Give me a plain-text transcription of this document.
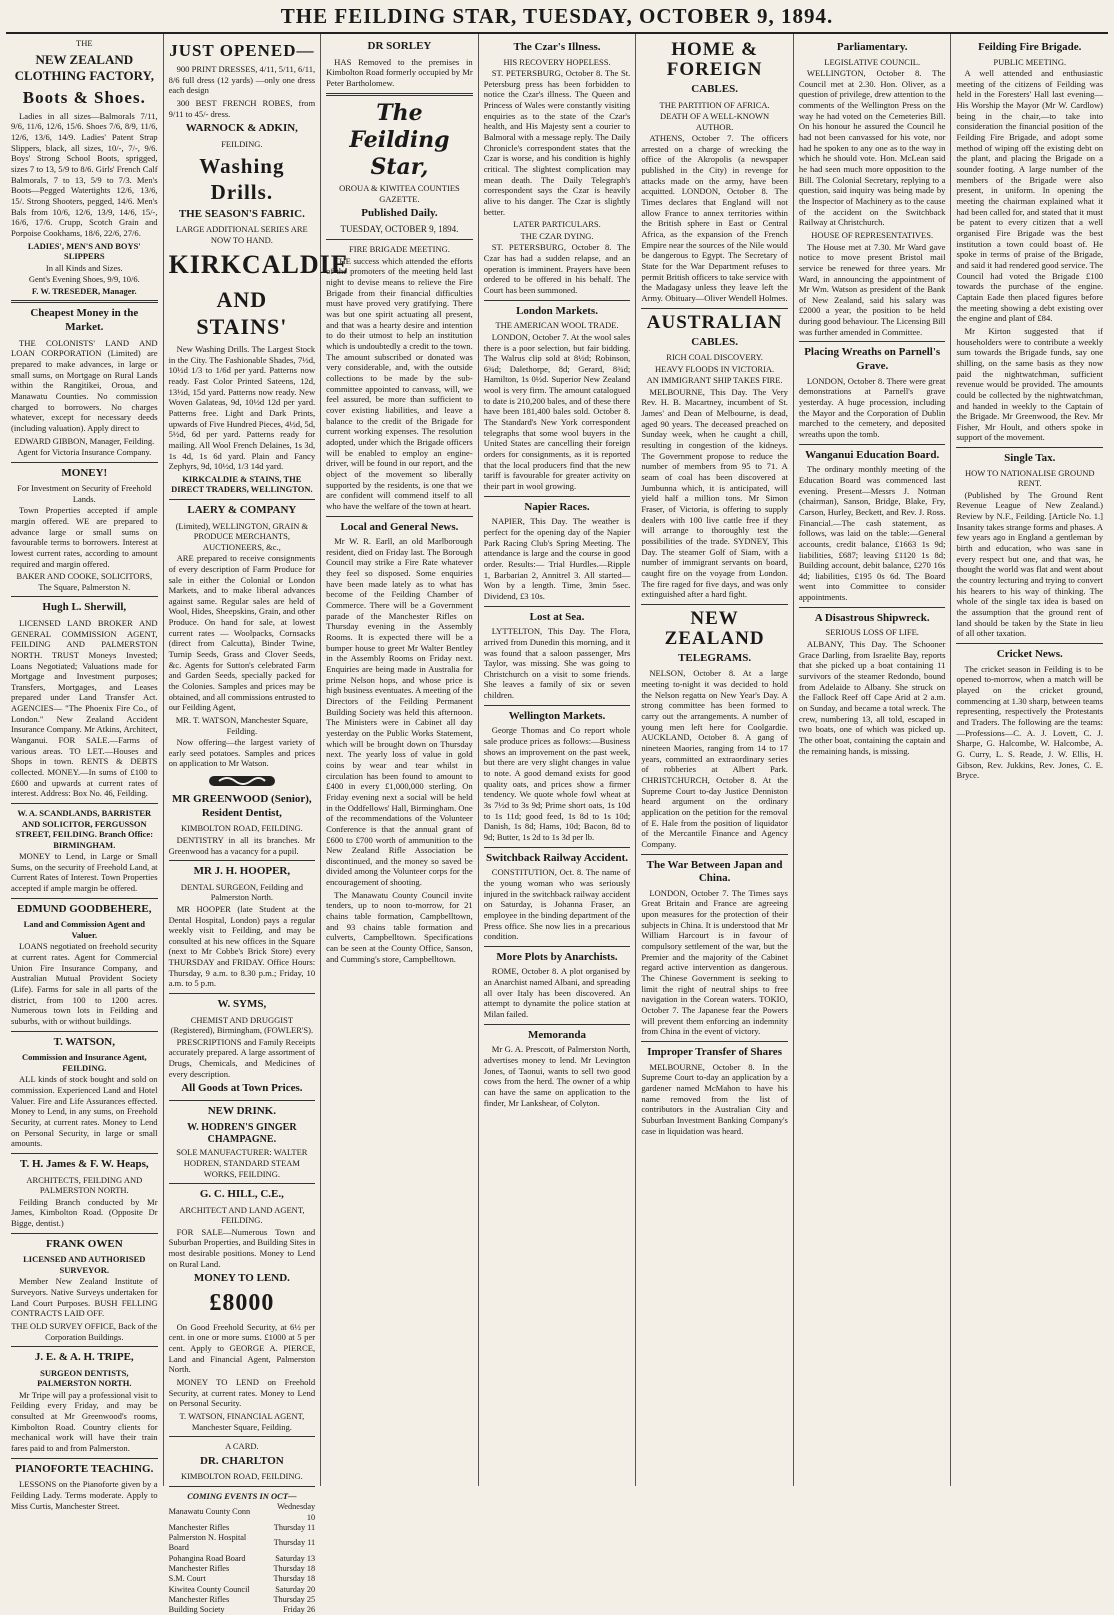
THE FEILDING STAR, TUESDAY, OCTOBER 9, 1894.
THE
NEW ZEALAND CLOTHING FACTORY,
Boots & Shoes.

Ladies in all sizes—Balmorals 7/11, 9/6, 11/6, 12/6, 15/6. Shoes 7/6, 8/9, 11/6, 12/6, 13/6, 14/9. Ladies' Patent Strap Slippers, black, all sizes, 10/-, 7/-, 9/6. Boys' Strong School Boots, sprigged, sizes 7 to 13, 5/9 to 8/6. Girls' French Calf Balmorals, 7 to 13, 5/9 to 7/3. Men's Boots—Pegged Watertights 12/6, 13/6, 15/. Strong Shooters, pegged, 14/6. Men's Bals from 10/6, 12/6, 13/9, 14/6, 15/-, 16/6, 17/6. Crupp, Scotch Grain and Porpoise Cookhams, 18/6, 22/6, 27/6.

LADIES', MEN'S AND BOYS' SLIPPERS
In all Kinds and Sizes.
Gent's Evening Shoes, 9/9, 10/6.
F. W. TRESEDER, Manager.
Cheapest Money in the Market.

THE COLONISTS' LAND AND LOAN CORPORATION (Limited) are prepared to make advances, in large or small sums, on Mortgage on Rural Lands within the Rangitikei, Oroua, and Manawatu Counties. No commission charged to borrowers. No charges whatever, except for necessary deeds (including valuation). Apply direct to

EDWARD GIBBON, Manager, Feilding.
Agent for Victoria Insurance Company.
MONEY!
For Investment on Security of Freehold Lands.

Town Properties accepted if ample margin offered. WE are prepared to advance large or small sums on favourable terms to borrowers. Interest at lowest current rates, according to amount required and margin offered.

BAKER AND COOKE, SOLICITORS, The Square, Palmerston N.
Hugh L. Sherwill,

LICENSED LAND BROKER AND GENERAL COMMISSION AGENT, FEILDING AND PALMERSTON NORTH. TRUST Moneys Invested; Loans Negotiated; Valuations made for Mortgage and Investment purposes; Transfers, Mortgages, and Leases prepared under Land Transfer Act. AGENCIES— "The Phoenix Fire Co., of London." New Zealand Accident Insurance Company. Mr Atkins, Architect, Wanganui. FOR SALE.—Farms of various areas. TO LET.—Houses and Shops in town. RENTS & DEBTS collected. MONEY.—In sums of £100 to £600 and upwards at current rates of interest. Address: Box No. 46, Feilding.

W. A. SCANDLANDS, BARRISTER AND SOLICITOR, FERGUSSON STREET, FEILDING. Branch Office: BIRMINGHAM.

MONEY to Lend, in Large or Small Sums, on the security of Freehold Land, at Current Rates of Interest. Town Properties accepted if ample margin be offered.

EDMUND GOODBEHERE,
Land and Commission Agent and Valuer.

LOANS negotiated on freehold security at current rates. Agent for Commercial Union Fire Insurance Company, and Australian Mutual Provident Society (Life). Farms for sale in all parts of the district, from 100 to 1200 acres. Numerous town lots in Feilding and suburbs, with or without buildings.

T. WATSON,
Commission and Insurance Agent, FEILDING.

ALL kinds of stock bought and sold on commission. Experienced Land and Hotel Valuer. Fire and Life Assurances effected. Money to Lend, in any sums, on Freehold Security, at current rates. Money to Lend on Personal Security, in large or small amounts.

T. H. James & F. W. Heaps,
ARCHITECTS, FEILDING AND PALMERSTON NORTH.

Feilding Branch conducted by Mr James, Kimbolton Road. (Opposite Dr Bigge, dentist.)

FRANK OWEN
LICENSED AND AUTHORISED SURVEYOR.

Member New Zealand Institute of Surveyors. Native Surveys undertaken for Land Court Purposes. BUSH FELLING CONTRACTS LAID OFF.

THE OLD SURVEY OFFICE, Back of the Corporation Buildings.
J. E. & A. H. TRIPE,
SURGEON DENTISTS, PALMERSTON NORTH.

Mr Tripe will pay a professional visit to Feilding every Friday, and may be consulted at Mr Greenwood's rooms, Kimbolton Road. Country clients for mechanical work will have their train fares paid to and from Palmerston.

PIANOFORTE TEACHING.

LESSONS on the Pianoforte given by a Feilding Lady. Terms moderate. Apply to Miss Curtis, Manchester Street.

JUST OPENED—

900 PRINT DRESSES, 4/11, 5/11, 6/11, 8/6 full dress (12 yards) —only one dress each design

300 BEST FRENCH ROBES, from 9/11 to 45/- dress.

WARNOCK & ADKIN,
FEILDING.
Washing Drills.
THE SEASON'S FABRIC.
LARGE ADDITIONAL SERIES ARE NOW TO HAND.
KIRKCALDIE
AND STAINS'

New Washing Drills. The Largest Stock in the City. The Fashionable Shades, 7½d, 10½d 1/3 to 1/6d per yard. Patterns now ready. Fast Color Printed Sateens, 12d, 13½d, 15d yard. Patterns now ready. New Woven Galateas, 9d, 10½d 12d per yard. Patterns free. Light and Dark Prints, upwards of Five Hundred Pieces, 4½d, 5d, 5½d, 6d per yard. Patterns ready for mailing. All Wool French Delaines, 1s 3d, 1s 4d, 1s 6d yard. Plain and Fancy Zephyrs, 9d, 10½d, 1/3 14d yard.

KIRKCALDIE & STAINS, THE DIRECT TRADERS, WELLINGTON.
LAERY & COMPANY
(Limited), WELLINGTON, GRAIN & PRODUCE MERCHANTS, AUCTIONEERS, &c.,

ARE prepared to receive consignments of every description of Farm Produce for sale in either the Colonial or London Markets, and to make liberal advances against same. Regular sales are held of Wool, Hides, Sheepskins, Grain, and other Produce. On hand for sale, at lowest current rates — Woolpacks, Cornsacks (direct from Calcutta), Binder Twine, Turnip Seeds, Grass and Clover Seeds, &c. Agents for Sutton's celebrated Farm and Garden Seeds, specially packed for the Colonies. Samples and prices may be obtained, and all commissions entrusted to our Feilding Agent,

MR. T. WATSON, Manchester Square, Feilding.

Now offering—the largest variety of early seed potatoes. Samples and prices on application to Mr Watson.

MR GREENWOOD (Senior), Resident Dentist,
KIMBOLTON ROAD, FEILDING.

DENTISTRY in all its branches. Mr Greenwood has a vacancy for a pupil.

MR J. H. HOOPER,
DENTAL SURGEON, Feilding and Palmerston North.

MR HOOPER (late Student at the Dental Hospital, London) pays a regular weekly visit to Feilding, and may be consulted at his new offices in the Square (next to Mr Cobbe's Brick Store) every THURSDAY and FRIDAY. Office Hours: Thursday, 9 a.m. to 8.30 p.m.; Friday, 10 a.m. to 5 p.m.

W. SYMS,
CHEMIST AND DRUGGIST (Registered), Birmingham, (FOWLER'S).

PRESCRIPTIONS and Family Receipts accurately prepared. A large assortment of Drugs, Chemicals, and Medicines of every description.

All Goods at Town Prices.
NEW DRINK.
W. HODREN'S GINGER CHAMPAGNE.
SOLE MANUFACTURER: WALTER HODREN, STANDARD STEAM WORKS, FEILDING.
G. C. HILL, C.E.,
ARCHITECT AND LAND AGENT, FEILDING.

FOR SALE—Numerous Town and Suburban Properties, and Building Sites in most desirable positions. Money to Lend on Rural Land.

MONEY TO LEND.
£8000

On Good Freehold Security, at 6½ per cent. in one or more sums. £1000 at 5 per cent. Apply to GEORGE A. PIERCE, Land and Financial Agent, Palmerston North.

MONEY TO LEND on Freehold Security, at current rates. Money to Lend on Personal Security.

T. WATSON, FINANCIAL AGENT, Manchester Square, Feilding.
A CARD.
DR. CHARLTON
KIMBOLTON ROAD, FEILDING.
COMING EVENTS IN OCT—
Manawatu County Conn	Wednesday 10
Manchester Rifles	Thursday 11
Palmerston N. Hospital Board	Thursday 11
Pohangina Road Board	Saturday 13
Manchester Rifles	Thursday 18
S.M. Court	Thursday 18
Kiwitea County Council	Saturday 20
Manchester Rifles	Thursday 25
Building Society	Friday 26
DR SORLEY

HAS Removed to the premises in Kimbolton Road formerly occupied by Mr Peter Bartholomew.

The Feilding Star,
OROUA & KIWITEA COUNTIES GAZETTE.
Published Daily.
TUESDAY, OCTOBER 9, 1894.
FIRE BRIGADE MEETING.

THE success which attended the efforts of the promoters of the meeting held last night to devise means to relieve the Fire Brigade from their financial difficulties must have proved very gratifying. There was but one spirit actuating all present, and that was a hearty desire and intention to do their utmost to help an institution which is undoubtedly a credit to the town. The amount subscribed or donated was very considerable, and, with the outside collections to be made by the sub-committee appointed to canvass, will, we feel assured, be more than sufficient to cover existing liabilities, and leave a balance to the credit of the Brigade for current working expenses. The resolution adopted, under which the Brigade officers will be enabled to employ an engine-driver, will be found in our report, and the object of the movement so liberally supported by the residents, is one that we are confident will commend itself to all who have the welfare of the town at heart.

Local and General News.

Mr W. R. Earll, an old Marlborough resident, died on Friday last. The Borough Council may strike a Fire Rate whatever they feel so disposed. Some enquiries have been made lately as to what has become of the Feilding Chamber of Commerce. There will be a Government parade of the Manchester Rifles on Thursday evening in the Assembly Rooms. It is expected there will be a bumper house to greet Mr Walter Bentley in the Assembly Rooms on Friday next. Enquiries are being made in Australia for prime Nelson hops, and whose price is high business eventuates. A meeting of the Directors of the Feilding Permanent Building Society was held this afternoon. The Ministers were in Cabinet all day yesterday on the Public Works Statement, which will be brought down on Thursday next. The yearly loss of value in gold coins by wear and tear whilst in circulation has been found to amount to £400 in every £1,000,000 sterling. On Friday evening next a social will be held in the Oddfellows' Hall, Birmingham. One of the recommendations of the Volunteer Conference is that the annual grant of £600 to £700 worth of ammunition to the New Zealand Rifle Association be discontinued, and the money so saved be divided among the Volunteer corps for the encouragement of shooting.

The Manawatu County Council invite tenders, up to noon to-morrow, for 21 chains table formation, Campbelltown, and 93 chains table formation and culverts, Campbelltown. Specifications can be seen at the County Office, Sanson, and Cumming's store, Campbelltown.

The Czar's Illness.
HIS RECOVERY HOPELESS.

ST. PETERSBURG, October 8. The St. Petersburg press has been forbidden to notice the Czar's illness. The Queen and Princess of Wales were constantly visiting enquiries as to the state of the Czar's health, and His Majesty sent a courier to Balmoral with a message reply. The Daily Chronicle's correspondent states that the Czar is worse, and his condition is highly critical. The slightest complication may mean death. The Daily Telegraph's correspondent says the Czar is heavily alive to his danger. The Czar is slightly better.

LATER PARTICULARS.
THE CZAR DYING.

ST. PETERSBURG, October 8. The Czar has had a sudden relapse, and an operation is imminent. Prayers have been ordered to be offered in his behalf. The Court has been summoned.

London Markets.
THE AMERICAN WOOL TRADE.

LONDON, October 7. At the wool sales there is a poor selection, but fair bidding. The Walrus clip sold at 8½d; Robinson, 6¾d; Dalethorpe, 8d; Gerard, 8¾d; Hamilton, 1s 0½d. Superior New Zealand wool is very firm. The amount catalogued to date is 210,200 bales, and of these there have been 181,400 bales sold. October 8. The Standard's New York correspondent telegraphs that some wool buyers in the United States are cancelling their foreign orders for consignments, as it is reported that the local producers find that the new tariff is favourable for greater activity on their part in wool growing.

Napier Races.

NAPIER, This Day. The weather is perfect for the opening day of the Napier Park Racing Club's Spring Meeting. The attendance is large and the course in good order. Results:— Trial Hurdles.—Ripple 1, Barbarian 2, Annitrel 3. All started—Won by a length. Time, 3min 5sec. Dividend, £3 10s.

Lost at Sea.

LYTTELTON, This Day. The Flora, arrived from Dunedin this morning, and it was found that a saloon passenger, Mrs Taylor, was missing. She was going to Christchurch on a visit to some friends. She leaves a family of six or seven children.

Wellington Markets.

George Thomas and Co report whole sale produce prices as follows:—Business shows an improvement on the past week, but there are very slight changes in value to note. A good demand exists for good quality oats, and prices show a firmer tendency. We quote whole fowl wheat at 3s 7½d to 3s 9d; Prime short oats, 1s 10d to 1s 11d; good feed, 1s 8d to 1s 10d; Danish, 1s 8d; Hams, 10d; Bacon, 8d to 9d; Butter, 1s 2d to 1s 3d per lb.

Switchback Railway Accident.

CONSTITUTION, Oct. 8. The name of the young woman who was seriously injured in the switchback railway accident on Saturday, is Johanna Fraser, an employee in the binding department of the Press office. She now lies in a precarious condition.

More Plots by Anarchists.

ROME, October 8. A plot organised by an Anarchist named Albani, and spreading all over Italy has been discovered. An attempt to dynamite the police station at Milan failed.

Memoranda

Mr G. A. Prescott, of Palmerston North, advertises money to lend. Mr Levington Jones, of Taonui, wants to sell two good cows from the herd. The owner of a whip can have the same on application to the finder, Mr Lankshear, of Colyton.

HOME & FOREIGN
CABLES.
THE PARTITION OF AFRICA.
DEATH OF A WELL-KNOWN AUTHOR.

ATHENS, October 7. The officers arrested on a charge of wrecking the office of the Akropolis (a newspaper published in the City) in revenge for attacks made on the army, have been acquitted. LONDON, October 8. The Times declares that England will not allow France to annex territories within the British sphere in East or Central Africa, as the expansion of the French Empire near the sources of the Nile would be dangerous to Egypt. The Secretary of State for the War Department refuses to permit British officers to take service with the Madagasy unless they leave left the Army. Obituary—Oliver Wendell Holmes.

AUSTRALIAN
CABLES.
RICH COAL DISCOVERY.
HEAVY FLOODS IN VICTORIA.
AN IMMIGRANT SHIP TAKES FIRE.

MELBOURNE, This Day. The Very Rev. H. B. Macartney, incumbent of St. James' and Dean of Melbourne, is dead, aged 90 years. The deceased preached on Sunday week, when he caught a chill, resulting in congestion of the kidneys. The Government propose to reduce the number of members from 95 to 71. A seam of coal has been discovered at Jumbunna which, it is anticipated, will yield half a million tons. Mr Simon Fraser, of Victoria, is offering to supply dealers with 100 live cattle free if they will arrange to thoroughly test the possibilities of the trade. SYDNEY, This Day. The steamer Golf of Siam, with a number of immigrant servants on board, caught fire on the voyage from London. The fire raged for five days, and was only extinguished after a hard fight.

NEW ZEALAND
TELEGRAMS.

NELSON, October 8. At a large meeting to-night it was decided to hold the Nelson regatta on New Year's Day. A strong committee has been formed to carry out the arrangements. A number of young men left here for Coolgardie. AUCKLAND, October 8. A gang of nineteen Maories, ranging from 14 to 17 years, committed an extraordinary series of robberies at Albert Park. CHRISTCHURCH, October 8. At the Supreme Court to-day Justice Denniston heard argument on the ordinary application on the petition for the removal of E. Hale from the position of liquidator of the Mercantile Finance and Agency Company.

The War Between Japan and China.

LONDON, October 7. The Times says Great Britain and France are agreeing upon measures for the protection of their subjects in China. It is understood that Mr William Harcourt is in favour of compulsory settlement of the war, but the Premier and the majority of the Cabinet regard active intervention as dangerous. The Chinese Government is seeking to limit the right of neutral ships to free navigation in the Corean waters. TOKIO, October 7. The Japanese fear the Powers will prevent them enforcing an indemnity from China in the event of victory.

Improper Transfer of Shares

MELBOURNE, October 8. In the Supreme Court to-day an application by a gardener named McMahon to have his name removed from the list of contributors in the Australian City and Suburban Investment Banking Company's case in liquidation was heard.

Parliamentary.
LEGISLATIVE COUNCIL.

WELLINGTON, October 8. The Council met at 2.30. Hon. Oliver, as a question of privilege, drew attention to the comments of the Wellington Press on the way he had voted on the Cemeteries Bill. On his honour he assured the Council he had not been canvassed for his vote, nor had he spoken to any one as to the way in which he should vote. Hon. McLean said he had seen much more opposition to the Bill. The Colonial Secretary, replying to a question, said inquiry was being made by the Inspector of Machinery as to the cause of the accident on the Switchback Railway at Christchurch.

HOUSE OF REPRESENTATIVES.

The House met at 7.30. Mr Ward gave notice to move present Bristol mail service be renewed for three years. Mr Ward, in announcing the appointment of Mr Wm. Watson as president of the Bank of New Zealand, said his salary was £2000 a year, the position to be held during good behaviour. The Licensing Bill was further amended in Committee.

Placing Wreaths on Parnell's Grave.

LONDON, October 8. There were great demonstrations at Parnell's grave yesterday. A huge procession, including the Mayor and the Corporation of Dublin marched to the cemetery, and deposited wreaths upon the tomb.

Wanganui Education Board.

The ordinary monthly meeting of the Education Board was commenced last evening. Present—Messrs J. Notman (chairman), Sanson, Bridge, Blake, Fry, Carson, Hurley, Beckett, and Rev. J. Ross. Financial.—The cash statement, as follows, was laid on the table:—General accounts, credit balance, £1663 1s 9d; liabilities, £687; leaving £1120 1s 8d; Building account, debit balance, £270 16s 4d; liabilities, £195 0s 6d. The Board went into Committee to consider appointments.

A Disastrous Shipwreck.
SERIOUS LOSS OF LIFE.

ALBANY, This Day. The Schooner Grace Darling, from Israelite Bay, reports that she picked up a boat containing 11 survivors of the steamer Redondo, bound from Adelaide to Albany. She struck on the Fallock Reef off Cape Arid at 2 a.m. on Sunday, and became a total wreck. The crew, numbering 13, all told, escaped in two boats, one of which was picked up. The other boat, containing the captain and the remaining hands, is missing.

Feilding Fire Brigade.
PUBLIC MEETING.

A well attended and enthusiastic meeting of the citizens of Feilding was held in the Foresters' Hall last evening—His Worship the Mayor (Mr W. Cardlow) being in the chair,—to take into consideration the financial position of the Feilding Fire Brigade, and adopt some method of wiping off the existing debt on the plant, and placing the Brigade on a sounder footing. A large number of the members of the Brigade were also present, in uniform. In opening the meeting the chairman explained what it had been called for, and stated that it must be patent to every citizen that a well organised Fire Brigade was the best institution a town could boast of. He spoke in terms of praise of the Brigade, and said it had rendered good service. The Council had voted the Brigade £100 towards the purchase of the engine. Captain Eade then placed figures before the meeting showing a debt existing over the engine and plant of £84.

Mr Kirton suggested that if householders were to contribute a weekly sum towards the Brigade funds, say one shilling, on the same basis as they now paid the nightwatchman, sufficient revenue would be provided. The amounts could be collected by the nightwatchman, and handed in weekly to the Captain of the Brigade. Mr Greenwood, the Rev. Mr Fisher, Mr Hoult, and others spoke in support of the movement.

Single Tax.
HOW TO NATIONALISE GROUND RENT.

(Published by The Ground Rent Revenue League of New Zealand.) Review by N.F., Feilding. [Article No. 1.] Insanity takes strange forms and phases. A few years ago in England a gentleman by birth and education, who was sane in every respect but one, and that was, he thought the world was flat and went about the country lecturing and trying to convert his hearers to his way of thinking. The whole of the single tax idea is based on the assumption that the ground rent of land should be taken by the State in lieu of all other taxation.

Cricket News.

The cricket season in Feilding is to be opened to-morrow, when a match will be played on the cricket ground, commencing at 1.30 sharp, between teams representing, respectively the Protestants and Traders. The following are the teams:—Professions—C. A. J. Lovett, C. J. Sharpe, G. Halcombe, W. Halcombe, A. G. Curry, L. S. Reade, J. W. Ellis, H. Gibson, Rev. Jukkins, Rev. Jones, C. E. Bryce.
